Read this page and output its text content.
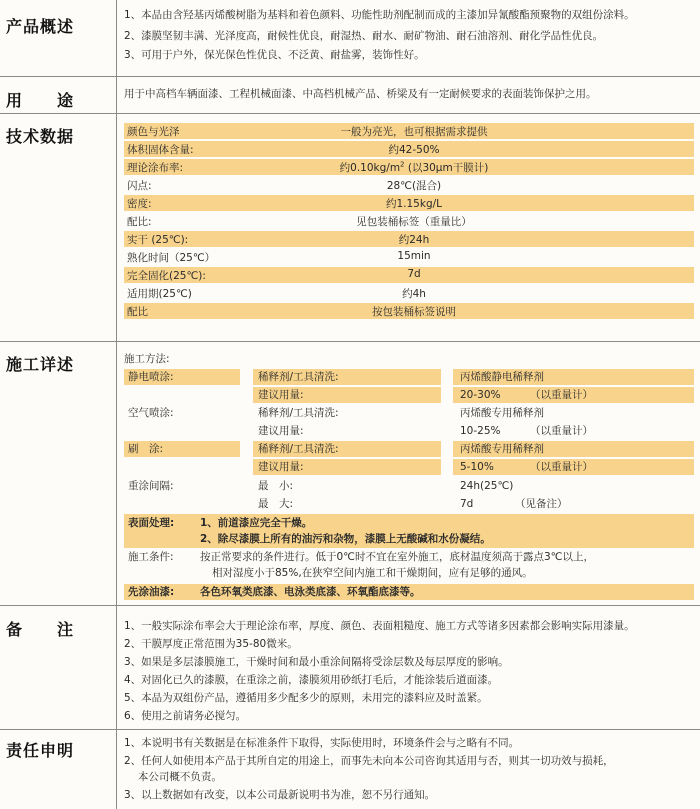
产品概述
1、本品由含羟基丙烯酸树脂为基料和着色颜料、功能性助剂配制而成的主漆加异氰酸酯预聚物的双组份涂料。
2、漆膜坚韧丰满、光泽度高，耐候性优良，耐湿热、耐水、耐矿物油、耐石油溶剂、耐化学品性优良。
3、可用于户外，保光保色性优良、不泛黄、耐盐雾，装饰性好。
用　　途	用于中高档车辆面漆、工程机械面漆、中高档机械产品、桥梁及有一定耐候要求的表面装饰保护之用。
技术数据	颜色与光泽	一般为亮光，也可根据需求提供
体积固体含量:	约42-50%
理论涂布率:	约$0.10kg/m^2$ (以30μm干膜计)
闪点:	28℃(混合)
密度:	约1.15kg/L
配比:	见包装桶标签（重量比）
实干 (25℃):	约24h
熟化时间（25℃）	15min
完全固化(25℃):	7d
适用期(25℃)	约4h
配比	按包装桶标签说明
施工详述	施工方法:
静电喷涂:	稀释剂/工具清洗:	丙烯酸静电稀释剂
建议用量:	20-30%	（以重量计）
空气喷涂:	稀释剂/工具清洗:	丙烯酸专用稀释剂
建议用量:	10-25%	（以重量计）
刷　涂:	稀释剂/工具清洗:	丙烯酸专用稀释剂
建议用量:	5-10%	（以重量计）
重涂间隔:	最　小:	24h(25℃)
最　大:	7d	（见备注）
表面处理: 1、前道漆应完全干燥。
2、除尽漆膜上所有的油污和杂物，漆膜上无酸碱和水份凝结。
施工条件:	按正常要求的条件进行。低于0℃时不宜在室外施工，底材温度须高于露点3℃以上，
相对湿度小于85%,在狭窄空间内施工和干燥期间，应有足够的通风。
先涂油漆: 各色环氧类底漆、电泳类底漆、环氧酯底漆等。
备　　注	1、一般实际涂布率会大于理论涂布率，厚度、颜色、表面粗糙度、施工方式等诸多因素都会影响实际用漆量。
2、干膜厚度正常范围为35-80微米。
3、如果是多层漆膜施工，干燥时间和最小重涂间隔将受涂层数及每层厚度的影响。
4、对固化已久的漆膜，在重涂之前，漆膜须用砂纸打毛后，才能涂装后道面漆。
5、本品为双组份产品，遵循用多少配多少的原则，未用完的漆料应及时盖紧。
6、使用之前请务必搅匀。
责任申明	1、本说明书有关数据是在标准条件下取得，实际使用时，环境条件会与之略有不同。
2、任何人如使用本产品于其所自定的用途上，而事先未向本公司咨询其适用与否，则其一切功效与损耗，
　 本公司概不负责。
3、以上数据如有改变，以本公司最新说明书为准，恕不另行通知。
